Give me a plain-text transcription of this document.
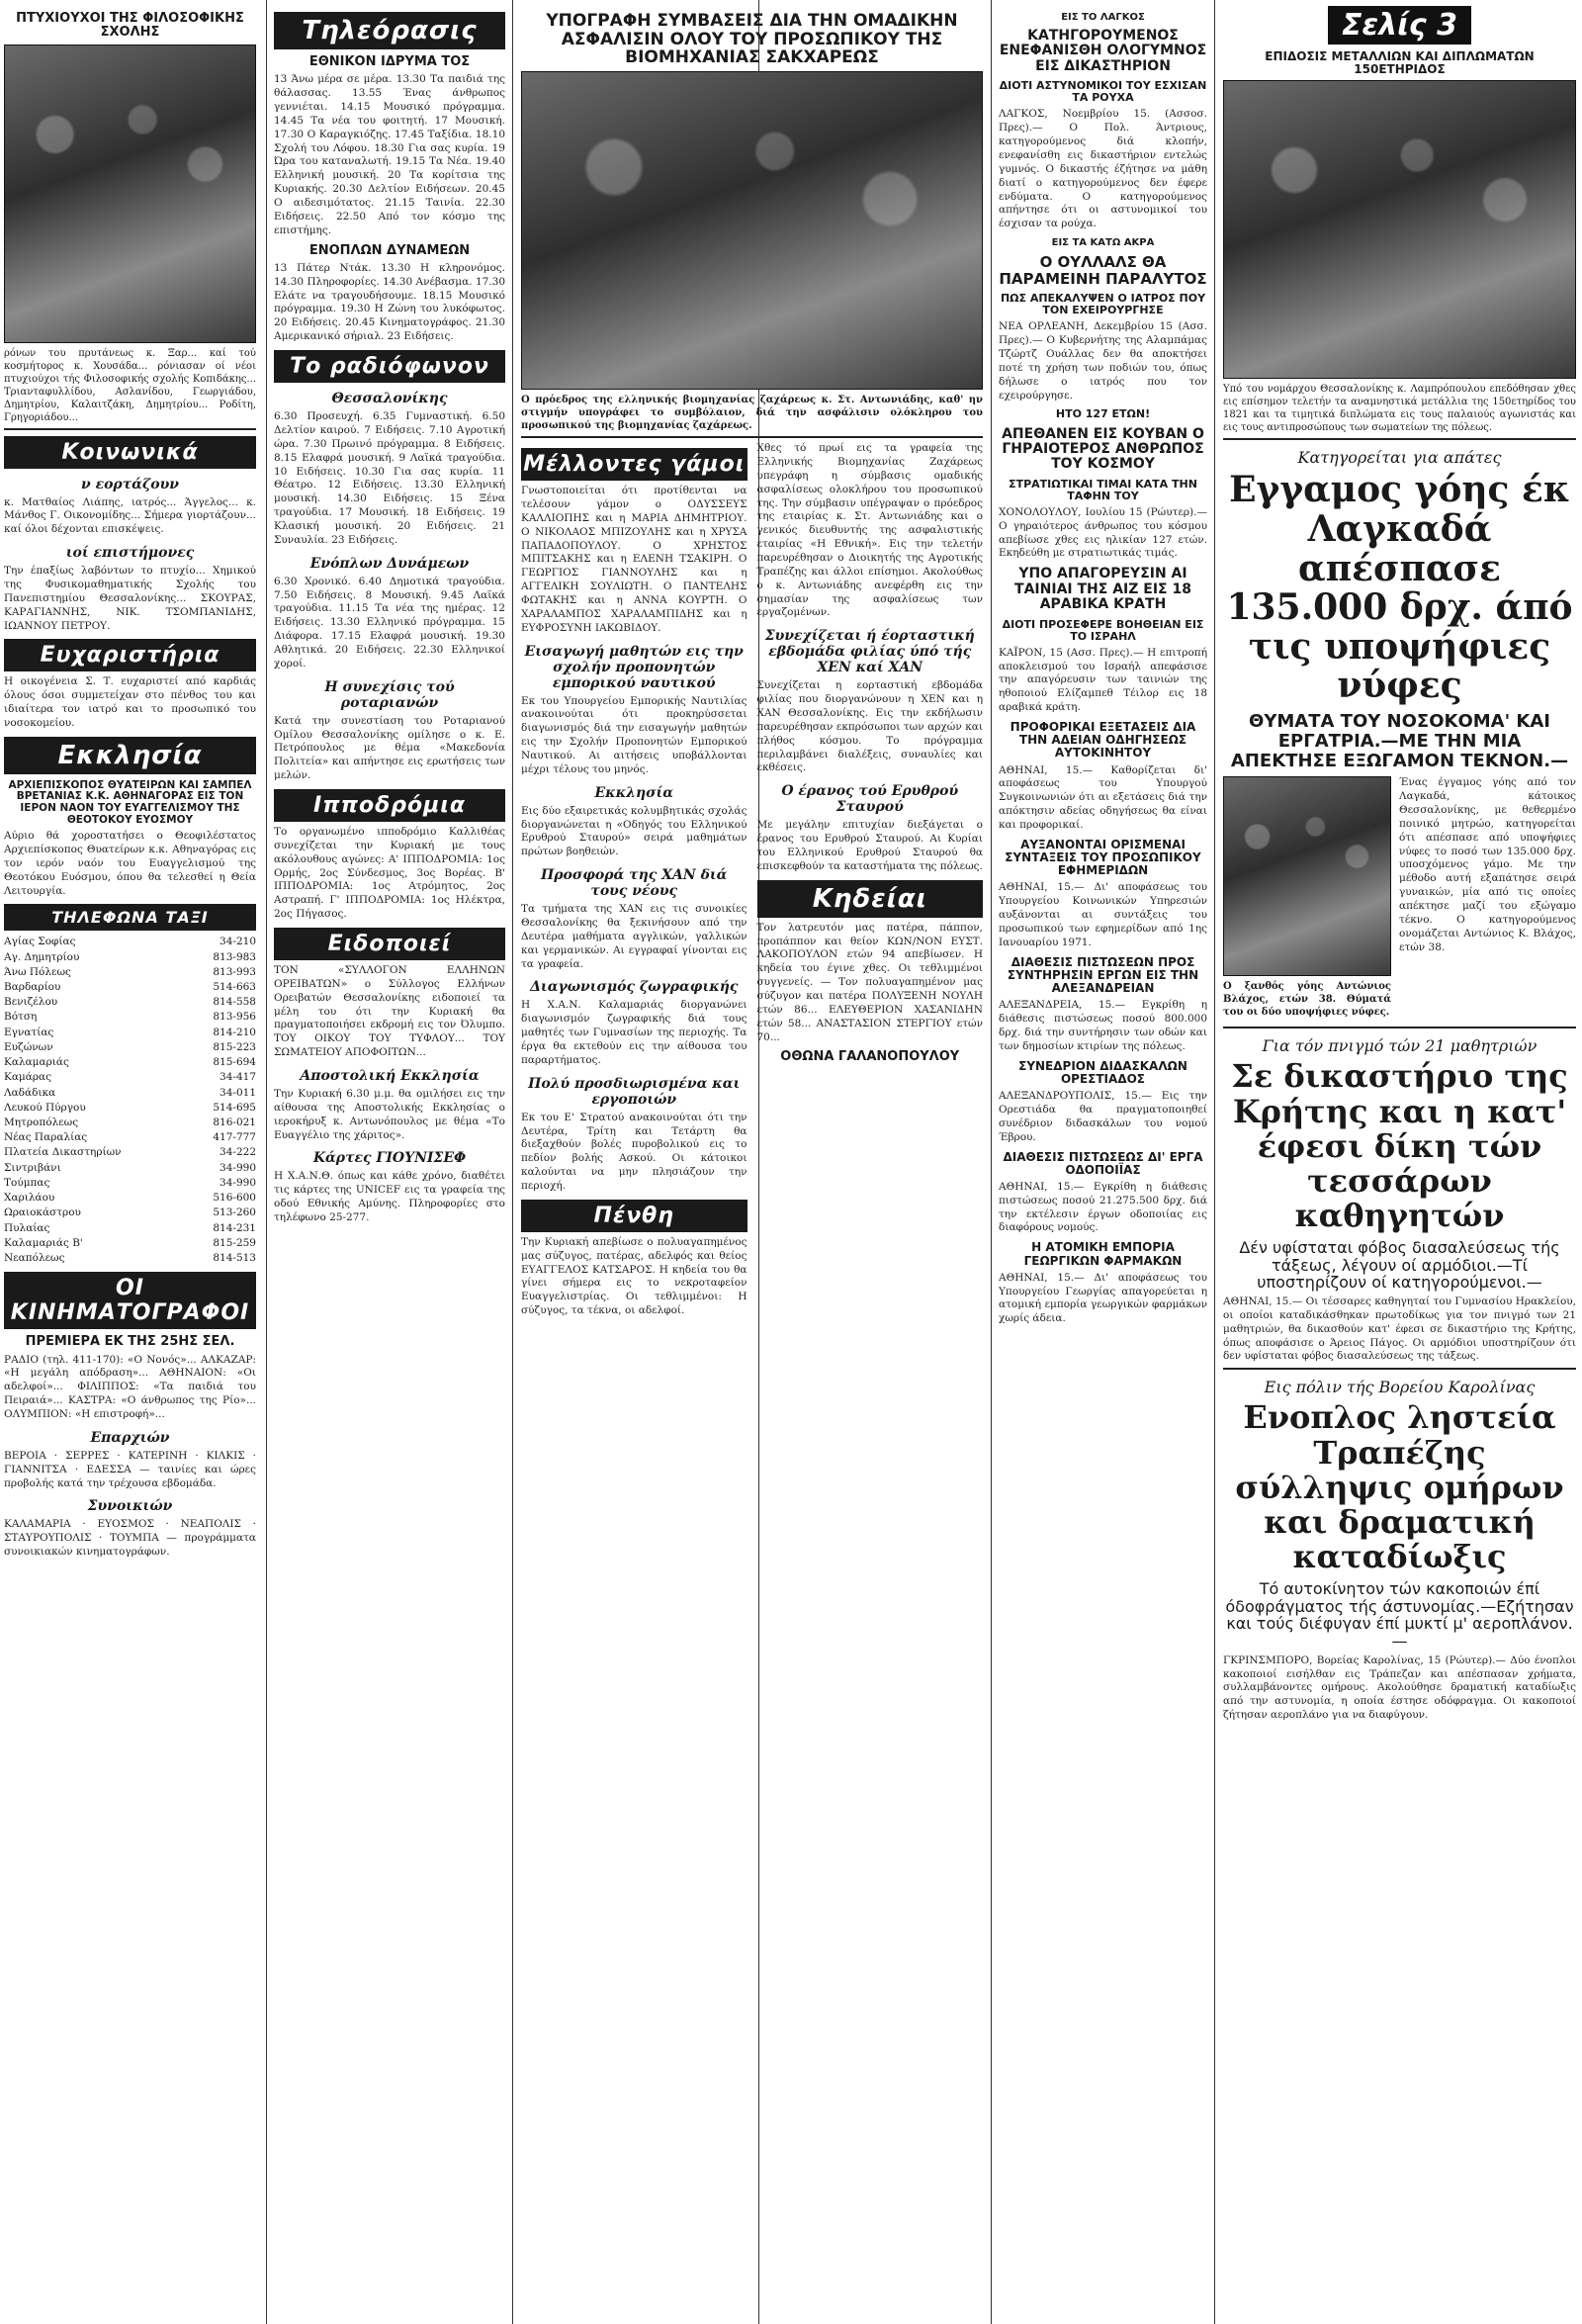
ΠΤΥΧΙΟΥΧΟΙ ΤΗΣ ΦΙΛΟΣΟΦΙΚΗΣ ΣΧΟΛΗΣ

ρόνων του πρυτάνεως κ. Ξαρ... καί τού κοσμήτορος κ. Χουσάδα... ρόνιασαν οί νέοι πτυχιούχοι τής Φιλοσοφικής σχολής Κοπιδάκης... Τριανταφυλλίδου, Ασλανίδου, Γεωργιάδου, Δημητρίου, Καλαιτζάκη, Δημητρίου... Ροδίτη, Γρηγοριάδου...

Κοινωνικά
ν εορτάζουν

κ. Ματθαίος Λιάπης, ιατρός... Άγγελος... κ. Μάνθος Γ. Οικονομίδης... Σήμερα γιορτάζουν... καί όλοι δέχονται επισκέψεις.

ιοί επιστήμονες

Την έπαξίως λαβόντων το πτυχίο... Χημικού της Φυσικομαθηματικής Σχολής του Πανεπιστημίου Θεσσαλονίκης... ΣΚΟΥΡΑΣ, ΚΑΡΑΓΙΑΝΝΗΣ, ΝΙΚ. ΤΣΟΜΠΑΝΙΔΗΣ, ΙΩΑΝΝΟΥ ΠΕΤΡΟΥ.

Ευχαριστήρια

Η οικογένεια Σ. Τ. ευχαριστεί από καρδιάς όλους όσοι συμμετείχαν στο πένθος του και ιδιαίτερα τον ιατρό και το προσωπικό του νοσοκομείου.

Εκκλησία
ΑΡΧΙΕΠΙΣΚΟΠΟΣ ΘΥΑΤΕΙΡΩΝ ΚΑΙ ΣΑΜΠΕΛ ΒΡΕΤΑΝΙΑΣ Κ.Κ. ΑΘΗΝΑΓΟΡΑΣ ΕΙΣ ΤΟΝ ΙΕΡΟΝ ΝΑΟΝ ΤΟΥ ΕΥΑΓΓΕΛΙΣΜΟΥ ΤΗΣ ΘΕΟΤΟΚΟΥ ΕΥΟΣΜΟΥ

Αύριο θά χοροστατήσει ο Θεοφιλέστατος Αρχιεπίσκοπος Θυατείρων κ.κ. Αθηναγόρας εις τον ιερόν ναόν του Ευαγγελισμού της Θεοτόκου Ευόσμου, όπου θα τελεσθεί η Θεία Λειτουργία.

ΤΗΛΕΦΩΝΑ ΤΑΞΙ
Αγίας Σοφίας	34-210
Αγ. Δημητρίου	813-983
Άνω Πόλεως	813-993
Βαρδαρίου	514-663
Βενιζέλου	814-558
Βότση	813-956
Εγνατίας	814-210
Ευζώνων	815-223
Καλαμαριάς	815-694
Καμάρας	34-417
Λαδάδικα	34-011
Λευκού Πύργου	514-695
Μητροπόλεως	816-021
Νέας Παραλίας	417-777
Πλατεία Δικαστηρίων	34-222
Σιντριβάνι	34-990
Τούμπας	34-990
Χαριλάου	516-600
Ωραιοκάστρου	513-260
Πυλαίας	814-231
Καλαμαριάς Β'	815-259
Νεαπόλεως	814-513
ΟΙ ΚΙΝΗΜΑΤΟΓΡΑΦΟΙ
ΠΡΕΜΙΕΡΑ ΕΚ ΤΗΣ 25ΗΣ ΣΕΛ.

ΡΑΔΙΟ (τηλ. 411-170): «Ο Νονός»... ΑΛΚΑΖΑΡ: «Η μεγάλη απόδραση»... ΑΘΗΝΑΙΟΝ: «Οι αδελφοί»... ΦΙΛΙΠΠΟΣ: «Τα παιδιά του Πειραιά»... ΚΑΣΤΡΑ: «Ο άνθρωπος της Ρίο»... ΟΛΥΜΠΙΟΝ: «Η επιστροφή»...

Επαρχιών

ΒΕΡΟΙΑ · ΣΕΡΡΕΣ · ΚΑΤΕΡΙΝΗ · ΚΙΛΚΙΣ · ΓΙΑΝΝΙΤΣΑ · ΕΔΕΣΣΑ — ταινίες και ώρες προβολής κατά την τρέχουσα εβδομάδα.

Συνοικιών

ΚΑΛΑΜΑΡΙΑ · ΕΥΟΣΜΟΣ · ΝΕΑΠΟΛΙΣ · ΣΤΑΥΡΟΥΠΟΛΙΣ · ΤΟΥΜΠΑ — προγράμματα συνοικιακών κινηματογράφων.

Τηλεόρασις
ΕΘΝΙΚΟΝ ΙΔΡΥΜΑ ΤΟΣ

13 Άνω μέρα σε μέρα. 13.30 Τα παιδιά της θάλασσας. 13.55 Ένας άνθρωπος γεννιέται. 14.15 Μουσικό πρόγραμμα. 14.45 Τα νέα του φοιτητή. 17 Μουσική. 17.30 Ο Καραγκιόζης. 17.45 Ταξίδια. 18.10 Σχολή του Λόφου. 18.30 Για σας κυρία. 19 Ώρα του καταναλωτή. 19.15 Τα Νέα. 19.40 Ελληνική μουσική. 20 Τα κορίτσια της Κυριακής. 20.30 Δελτίον Ειδήσεων. 20.45 Ο αιδεσιμότατος. 21.15 Ταινία. 22.30 Ειδήσεις. 22.50 Από τον κόσμο της επιστήμης.

ΕΝΟΠΛΩΝ ΔΥΝΑΜΕΩΝ

13 Πάτερ Ντάκ. 13.30 Η κληρονόμος. 14.30 Πληροφορίες. 14.30 Ανέβασμα. 17.30 Ελάτε να τραγουδήσουμε. 18.15 Μουσικό πρόγραμμα. 19.30 Η Ζώνη του λυκόφωτος. 20 Ειδήσεις. 20.45 Κινηματογράφος. 21.30 Αμερικανικό σήριαλ. 23 Ειδήσεις.

Το ραδιόφωνον
Θεσσαλονίκης

6.30 Προσευχή. 6.35 Γυμναστική. 6.50 Δελτίον καιρού. 7 Ειδήσεις. 7.10 Αγροτική ώρα. 7.30 Πρωινό πρόγραμμα. 8 Ειδήσεις. 8.15 Ελαφρά μουσική. 9 Λαϊκά τραγούδια. 10 Ειδήσεις. 10.30 Για σας κυρία. 11 Θέατρο. 12 Ειδήσεις. 13.30 Ελληνική μουσική. 14.30 Ειδήσεις. 15 Ξένα τραγούδια. 17 Μουσική. 18 Ειδήσεις. 19 Κλασική μουσική. 20 Ειδήσεις. 21 Συναυλία. 23 Ειδήσεις.

Ενόπλων Δυνάμεων

6.30 Χρονικό. 6.40 Δημοτικά τραγούδια. 7.50 Ειδήσεις. 8 Μουσική. 9.45 Λαϊκά τραγούδια. 11.15 Τα νέα της ημέρας. 12 Ειδήσεις. 13.30 Ελληνικό πρόγραμμα. 15 Διάφορα. 17.15 Ελαφρά μουσική. 19.30 Αθλητικά. 20 Ειδήσεις. 22.30 Ελληνικοί χοροί.

Η συνεχίσις τού ροταριανών

Κατά την συνεστίαση του Ροταριανού Ομίλου Θεσσαλονίκης ομίλησε ο κ. Ε. Πετρόπουλος με θέμα «Μακεδονία Πολιτεία» και απήντησε εις ερωτήσεις των μελών.

Ιπποδρόμια

Το οργανωμένο ιπποδρόμιο Καλλιθέας συνεχίζεται την Κυριακή με τους ακόλουθους αγώνες: Α' ΙΠΠΟΔΡΟΜΙΑ: 1ος Ορμής, 2ος Σύνδεσμος, 3ος Βορέας. Β' ΙΠΠΟΔΡΟΜΙΑ: 1ος Ατρόμητος, 2ος Αστραπή. Γ' ΙΠΠΟΔΡΟΜΙΑ: 1ος Ηλέκτρα, 2ος Πήγασος.

Ειδοποιεί

ΤΟΝ «ΣΥΛΛΟΓΟΝ ΕΛΛΗΝΩΝ ΟΡΕΙΒΑΤΩΝ» ο Σύλλογος Ελλήνων Ορειβατών Θεσσαλονίκης ειδοποιεί τα μέλη του ότι την Κυριακή θα πραγματοποιήσει εκδρομή εις τον Όλυμπο. ΤΟΥ ΟΙΚΟΥ ΤΟΥ ΤΥΦΛΟΥ... ΤΟΥ ΣΩΜΑΤΕΙΟΥ ΑΠΟΦΟΙΤΩΝ...

Αποστολική Εκκλησία

Την Κυριακή 6.30 μ.μ. θα ομιλήσει εις την αίθουσα της Αποστολικής Εκκλησίας ο ιεροκήρυξ κ. Αντωνόπουλος με θέμα «Το Ευαγγέλιο της χάριτος».

Κάρτες ΓΙΟΥΝΙΣΕΦ

Η Χ.Α.Ν.Θ. όπως και κάθε χρόνο, διαθέτει τις κάρτες της UNICEF εις τα γραφεία της οδού Εθνικής Αμύνης. Πληροφορίες στο τηλέφωνο 25-277.

ΥΠΟΓΡΑΦΗ ΣΥΜΒΑΣΕΙΣ ΔΙΑ ΤΗΝ ΟΜΑΔΙΚΗΝ ΑΣΦΑΛΙΣΙΝ ΟΛΟΥ ΤΟΥ ΠΡΟΣΩΠΙΚΟΥ ΤΗΣ ΒΙΟΜΗΧΑΝΙΑΣ ΣΑΚΧΑΡΕΩΣ

Ο πρόεδρος της ελληνικής βιομηχανίας ζαχάρεως κ. Στ. Αντωνιάδης, καθ' ην στιγμήν υπογράφει το συμβόλαιον, διά την ασφάλισιν ολόκληρου του προσωπικού της βιομηχανίας ζαχάρεως.

Μέλλοντες γάμοι

Γνωστοποιείται ότι προτίθενται να τελέσουν γάμον ο ΟΔΥΣΣΕΥΣ ΚΑΛΛΙΟΠΗΣ και η ΜΑΡΙΑ ΔΗΜΗΤΡΙΟΥ. Ο ΝΙΚΟΛΑΟΣ ΜΠΙΖΟΥΛΗΣ και η ΧΡΥΣΑ ΠΑΠΑΔΟΠΟΥΛΟΥ. Ο ΧΡΗΣΤΟΣ ΜΠΙΤΣΑΚΗΣ και η ΕΛΕΝΗ ΤΣΑΚΙΡΗ. Ο ΓΕΩΡΓΙΟΣ ΓΙΑΝΝΟΥΛΗΣ και η ΑΓΓΕΛΙΚΗ ΣΟΥΛΙΩΤΗ. Ο ΠΑΝΤΕΛΗΣ ΦΩΤΑΚΗΣ και η ΑΝΝΑ ΚΟΥΡΤΗ. Ο ΧΑΡΑΛΑΜΠΟΣ ΧΑΡΑΛΑΜΠΙΔΗΣ και η ΕΥΦΡΟΣΥΝΗ ΙΑΚΩΒΙΔΟΥ.

Εισαγωγή μαθητών εις την σχολήν προπονητών εμπορικού ναυτικού

Εκ του Υπουργείου Εμπορικής Ναυτιλίας ανακοινούται ότι προκηρύσσεται διαγωνισμός διά την εισαγωγήν μαθητών εις την Σχολήν Προπονητών Εμπορικού Ναυτικού. Αι αιτήσεις υποβάλλονται μέχρι τέλους του μηνός.

Εκκλησία

Εις δύο εξαιρετικάς κολυμβητικάς σχολάς διοργανώνεται η «Οδηγός του Ελληνικού Ερυθρού Σταυρού» σειρά μαθημάτων πρώτων βοηθειών.

Προσφορά της ΧΑΝ διά τους νέους

Τα τμήματα της ΧΑΝ εις τις συνοικίες Θεσσαλονίκης θα ξεκινήσουν από την Δευτέρα μαθήματα αγγλικών, γαλλικών και γερμανικών. Αι εγγραφαί γίνονται εις τα γραφεία.

Διαγωνισμός ζωγραφικής

Η Χ.Α.Ν. Καλαμαριάς διοργανώνει διαγωνισμόν ζωγραφικής διά τους μαθητές των Γυμνασίων της περιοχής. Τα έργα θα εκτεθούν εις την αίθουσα του παραρτήματος.

Πολύ προσδιωρισμένα και εργοποιών

Εκ του Ε' Στρατού ανακοινούται ότι την Δευτέρα, Τρίτη και Τετάρτη θα διεξαχθούν βολές πυροβολικού εις το πεδίον βολής Ασκού. Οι κάτοικοι καλούνται να μην πλησιάζουν την περιοχή.

Πένθη

Την Κυριακή απεβίωσε ο πολυαγαπημένος μας σύζυγος, πατέρας, αδελφός και θείος ΕΥΑΓΓΕΛΟΣ ΚΑΤΣΑΡΟΣ. Η κηδεία του θα γίνει σήμερα εις το νεκροταφείον Ευαγγελιστρίας. Οι τεθλιμμένοι: Η σύζυγος, τα τέκνα, οι αδελφοί.

Χθες τό πρωί εις τα γραφεία της Ελληνικής Βιομηχανίας Ζαχάρεως υπεγράφη η σύμβασις ομαδικής ασφαλίσεως ολοκλήρου του προσωπικού της. Την σύμβασιν υπέγραψαν ο πρόεδρος της εταιρίας κ. Στ. Αντωνιάδης και ο γενικός διευθυντής της ασφαλιστικής εταιρίας «Η Εθνική». Εις την τελετήν παρευρέθησαν ο Διοικητής της Αγροτικής Τραπέζης και άλλοι επίσημοι. Ακολούθως ο κ. Αντωνιάδης ανεφέρθη εις την σημασίαν της ασφαλίσεως των εργαζομένων.

Συνεχίζεται ή έορταστική εβδομάδα φιλίας ύπό τής ΧΕΝ καί ΧΑΝ

Συνεχίζεται η εορταστική εβδομάδα φιλίας που διοργανώνουν η ΧΕΝ και η ΧΑΝ Θεσσαλονίκης. Εις την εκδήλωσιν παρευρέθησαν εκπρόσωποι των αρχών και πλήθος κόσμου. Το πρόγραμμα περιλαμβάνει διαλέξεις, συναυλίες και εκθέσεις.

Ο έρανος τού Ερυθρού Σταυρού

Με μεγάλην επιτυχίαν διεξάγεται ο έρανος του Ερυθρού Σταυρού. Αι Κυρίαι του Ελληνικού Ερυθρού Σταυρού θα επισκεφθούν τα καταστήματα της πόλεως.

Κηδείαι

Τον λατρευτόν μας πατέρα, πάππον, προπάππον και θείον ΚΩΝ/ΝΟΝ ΕΥΣΤ. ΛΑΚΟΠΟΥΛΟΝ ετών 94 απεβίωσεν. Η κηδεία του έγινε χθες. Οι τεθλιμμένοι συγγενείς. — Τον πολυαγαπημένον μας σύζυγον και πατέρα ΠΟΛΥΞΕΝΗ ΝΟΥΛΗ ετών 86... ΕΛΕΥΘΕΡΙΟΝ ΧΑΣΑΝΙΔΗΝ ετών 58... ΑΝΑΣΤΑΣΙΟΝ ΣΤΕΡΓΙΟΥ ετών 70...

ΟΘΩΝΑ ΓΑΛΑΝΟΠΟΥΛΟΥ
ΕΙΣ ΤΟ ΛΑΓΚΟΣ
ΚΑΤΗΓΟΡΟΥΜΕΝΟΣ ΕΝΕΦΑΝΙΣΘΗ ΟΛΟΓΥΜΝΟΣ ΕΙΣ ΔΙΚΑΣΤΗΡΙΟΝ
ΔΙΟΤΙ ΑΣΤΥΝΟΜΙΚΟΙ ΤΟΥ ΕΣΧΙΣΑΝ ΤΑ ΡΟΥΧΑ

ΛΑΓΚΟΣ, Νοεμβρίου 15. (Ασσοσ. Πρες).— Ο Πολ. Άντριους, κατηγορούμενος διά κλοπήν, ενεφανίσθη εις δικαστήριον εντελώς γυμνός. Ο δικαστής έζήτησε να μάθη διατί ο κατηγορούμενος δεν έφερε ενδύματα. Ο κατηγορούμενος απήντησε ότι οι αστυνομικοί του έσχισαν τα ρούχα.

ΕΙΣ ΤΑ ΚΑΤΩ ΑΚΡΑ
Ο ΟΥΛΛΑΛΣ ΘΑ ΠΑΡΑΜΕΙΝΗ ΠΑΡΑΛΥΤΟΣ
ΠΩΣ ΑΠΕΚΑΛΥΨΕΝ Ο ΙΑΤΡΟΣ ΠΟΥ ΤΟΝ ΕΧΕΙΡΟΥΡΓΗΣΕ

ΝΕΑ ΟΡΛΕΑΝΗ, Δεκεμβρίου 15 (Ασσ. Πρες).— Ο Κυβερνήτης της Αλαμπάμας Τζώρτζ Ουάλλας δεν θα αποκτήσει ποτέ τη χρήση των ποδιών του, όπως δήλωσε ο ιατρός που τον εχειρούργησε.

ΗΤΟ 127 ΕΤΩΝ!
ΑΠΕΘΑΝΕΝ ΕΙΣ ΚΟΥΒΑΝ Ο ΓΗΡΑΙΟΤΕΡΟΣ ΑΝΘΡΩΠΟΣ ΤΟΥ ΚΟΣΜΟΥ
ΣΤΡΑΤΙΩΤΙΚΑΙ ΤΙΜΑΙ ΚΑΤΑ ΤΗΝ ΤΑΦΗΝ ΤΟΥ

ΧΟΝΟΛΟΥΛΟΥ, Ιουλίου 15 (Ρώυτερ).— Ο γηραιότερος άνθρωπος του κόσμου απεβίωσε χθες εις ηλικίαν 127 ετών. Εκηδεύθη με στρατιωτικάς τιμάς.

ΥΠΟ ΑΠΑΓΟΡΕΥΣΙΝ ΑΙ ΤΑΙΝΙΑΙ ΤΗΣ ΑΙΖ ΕΙΣ 18 ΑΡΑΒΙΚΑ ΚΡΑΤΗ
ΔΙΟΤΙ ΠΡΟΣΕΦΕΡΕ ΒΟΗΘΕΙΑΝ ΕΙΣ ΤΟ ΙΣΡΑΗΛ

ΚΑΪΡΟΝ, 15 (Ασσ. Πρες).— Η επιτροπή αποκλεισμού του Ισραήλ απεφάσισε την απαγόρευσιν των ταινιών της ηθοποιού Ελίζαμπεθ Τέιλορ εις 18 αραβικά κράτη.

ΠΡΟΦΟΡΙΚΑΙ ΕΞΕΤΑΣΕΙΣ ΔΙΑ ΤΗΝ ΑΔΕΙΑΝ ΟΔΗΓΗΣΕΩΣ ΑΥΤΟΚΙΝΗΤΟΥ

ΑΘΗΝΑΙ, 15.— Καθορίζεται δι' αποφάσεως του Υπουργού Συγκοινωνιών ότι αι εξετάσεις διά την απόκτησιν αδείας οδηγήσεως θα είναι και προφορικαί.

ΑΥΞΑΝΟΝΤΑΙ ΟΡΙΣΜΕΝΑΙ ΣΥΝΤΑΞΕΙΣ ΤΟΥ ΠΡΟΣΩΠΙΚΟΥ ΕΦΗΜΕΡΙΔΩΝ

ΑΘΗΝΑΙ, 15.— Δι' αποφάσεως του Υπουργείου Κοινωνικών Υπηρεσιών αυξάνονται αι συντάξεις του προσωπικού των εφημερίδων από 1ης Ιανουαρίου 1971.

ΔΙΑΘΕΣΙΣ ΠΙΣΤΩΣΕΩΝ ΠΡΟΣ ΣΥΝΤΗΡΗΣΙΝ ΕΡΓΩΝ ΕΙΣ ΤΗΝ ΑΛΕΞΑΝΔΡΕΙΑΝ

ΑΛΕΞΑΝΔΡΕΙΑ, 15.— Εγκρίθη η διάθεσις πιστώσεως ποσού 800.000 δρχ. διά την συντήρησιν των οδών και των δημοσίων κτιρίων της πόλεως.

ΣΥΝΕΔΡΙΟΝ ΔΙΔΑΣΚΑΛΩΝ ΟΡΕΣΤΙΑΔΟΣ

ΑΛΕΞΑΝΔΡΟΥΠΟΛΙΣ, 15.— Εις την Ορεστιάδα θα πραγματοποιηθεί συνέδριον διδασκάλων του νομού Έβρου.

ΔΙΑΘΕΣΙΣ ΠΙΣΤΩΣΕΩΣ ΔΙ' ΕΡΓΑ ΟΔΟΠΟΙΪΑΣ

ΑΘΗΝΑΙ, 15.— Εγκρίθη η διάθεσις πιστώσεως ποσού 21.275.500 δρχ. διά την εκτέλεσιν έργων οδοποιίας εις διαφόρους νομούς.

Η ΑΤΟΜΙΚΗ ΕΜΠΟΡΙΑ ΓΕΩΡΓΙΚΩΝ ΦΑΡΜΑΚΩΝ

ΑΘΗΝΑΙ, 15.— Δι' αποφάσεως του Υπουργείου Γεωργίας απαγορεύεται η ατομική εμπορία γεωργικών φαρμάκων χωρίς άδεια.

Σελίς 3
ΕΠΙΔΟΣΙΣ ΜΕΤΑΛΛΙΩΝ ΚΑΙ ΔΙΠΛΩΜΑΤΩΝ 150ΕΤΗΡΙΔΟΣ

Υπό του νομάρχου Θεσσαλονίκης κ. Λαμπρόπουλου επεδόθησαν χθες εις επίσημον τελετήν τα αναμνηστικά μετάλλια της 150ετηρίδος του 1821 και τα τιμητικά διπλώματα εις τους παλαιούς αγωνιστάς και εις τους αντιπροσώπους των σωματείων της πόλεως.

Κατηγορείται για απάτες
Εγγαμος γόης έκ Λαγκαδά απέσπασε 135.000 δρχ. άπό τις υποψήφιες νύφες
ΘΥΜΑΤΑ ΤΟΥ ΝΟΣΟΚΟΜΑ' ΚΑΙ ΕΡΓΑΤΡΙΑ.—ΜΕ ΤΗΝ ΜΙΑ ΑΠΕΚΤΗΣΕ ΕΞΩΓΑΜΟΝ ΤΕΚΝΟΝ.—

Ο ξανθός γόης Αντώνιος Βλάχος, ετών 38. Θύματά του οι δύο υποψήφιες νύφες.

Ένας έγγαμος γόης από τον Λαγκαδά, κάτοικος Θεσσαλονίκης, με θεθερμένο ποινικό μητρώο, κατηγορείται ότι απέσπασε από υποψήφιες νύφες το ποσό των 135.000 δρχ. υποσχόμενος γάμο. Με την μέθοδο αυτή εξαπάτησε σειρά γυναικών, μία από τις οποίες απέκτησε μαζί του εξώγαμο τέκνο. Ο κατηγορούμενος ονομάζεται Αντώνιος Κ. Βλάχος, ετών 38.

Για τόν πνιγμό τών 21 μαθητριών
Σε δικαστήριο της Κρήτης και η κατ' έφεσι δίκη τών τεσσάρων καθηγητών
Δέν υφίσταται φόβος διασαλεύσεως τής τάξεως, λέγουν οί αρμόδιοι.—Τί υποστηρίζουν οί κατηγορούμενοι.—

ΑΘΗΝΑΙ, 15.— Οι τέσσαρες καθηγηταί του Γυμνασίου Ηρακλείου, οι οποίοι καταδικάσθηκαν πρωτοδίκως για τον πνιγμό των 21 μαθητριών, θα δικασθούν κατ' έφεσι σε δικαστήριο της Κρήτης, όπως αποφάσισε ο Άρειος Πάγος. Οι αρμόδιοι υποστηρίζουν ότι δεν υφίσταται φόβος διασαλεύσεως της τάξεως.

Εις πόλιν τής Βορείου Καρολίνας
Ενοπλος ληστεία Τραπέζης σύλληψις ομήρων και δραματική καταδίωξις
Τό αυτοκίνητον τών κακοποιών έπί όδοφράγματος τής άστυνομίας.—Εζήτησαν και τούς διέφυγαν έπί μυκτί μ' αεροπλάνον.—

ΓΚΡΙΝΣΜΠΟΡΟ, Βορείας Καρολίνας, 15 (Ρώυτερ).— Δύο ένοπλοι κακοποιοί εισήλθαν εις Τράπεζαν και απέσπασαν χρήματα, συλλαμβάνοντες ομήρους. Ακολούθησε δραματική καταδίωξις από την αστυνομία, η οποία έστησε οδόφραγμα. Οι κακοποιοί ζήτησαν αεροπλάνο για να διαφύγουν.
